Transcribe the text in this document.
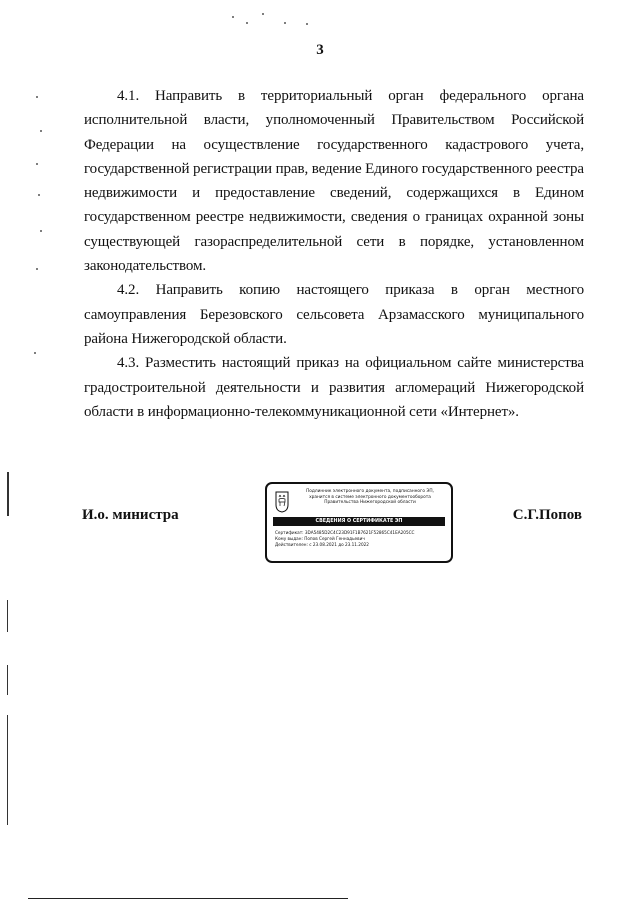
3

4.1. Направить в территориальный орган федерального органа исполнительной власти, уполномоченный Правительством Российской Федерации на осуществление государственного кадастрового учета, государственной регистрации прав, ведение Единого государственного реестра недвижимости и предоставление сведений, содержащихся в Едином государственном реестре недвижимости, сведения о границах охранной зоны существующей газораспределительной сети в порядке, установленном законодательством.

4.2. Направить копию настоящего приказа в орган местного самоуправления Березовского сельсовета Арзамасского муниципального района Нижегородской области.

4.3. Разместить настоящий приказ на официальном сайте министерства градостроительной деятельности и развития агломераций Нижегородской области в информационно-телекоммуникационной сети «Интернет».

И.о. министра
Подлинник электронного документа, подписанного ЭП,
хранится в системе электронного документооборота
Правительства Нижегородской области
СВЕДЕНИЯ О СЕРТИФИКАТЕ ЭП
Сертификат: 3DA5485D2C4C23D91F1B7621F52865C41EA205CC
Кому выдан: Попов Сергей Геннадьевич
Действителен: с 23.08.2021 до 23.11.2022
С.Г.Попов
